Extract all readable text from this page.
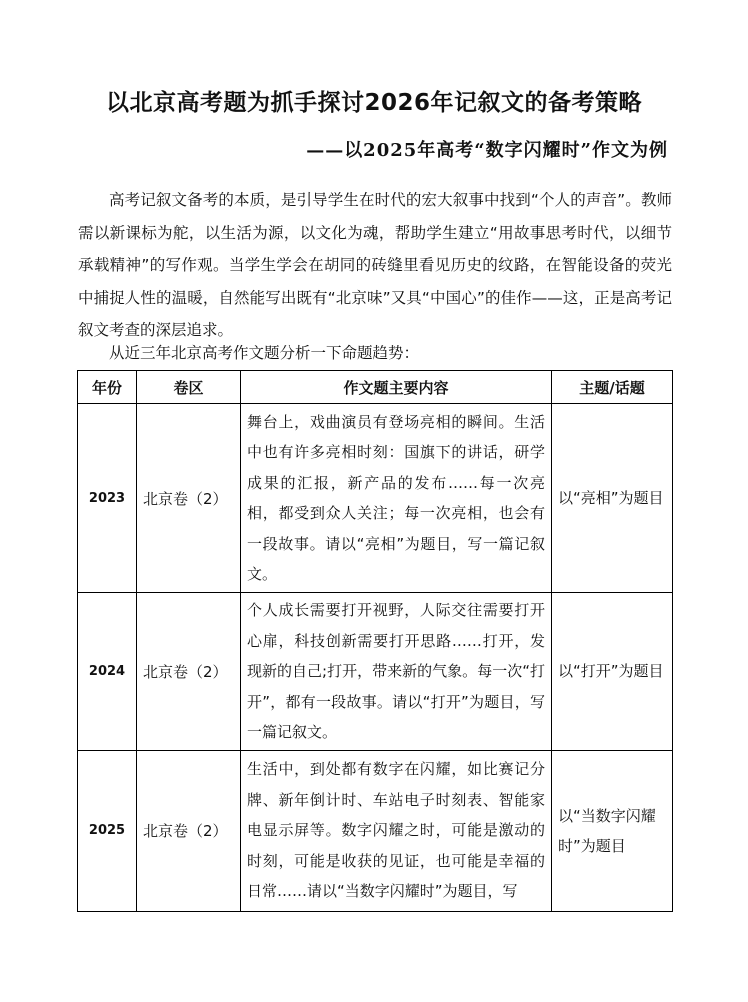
以北京高考题为抓手探讨2026年记叙文的备考策略
——以2025年高考“数字闪耀时”作文为例

高考记叙文备考的本质，是引导学生在时代的宏大叙事中找到“个人的声音”。教师需以新课标为舵，以生活为源，以文化为魂，帮助学生建立“用故事思考时代，以细节承载精神”的写作观。当学生学会在胡同的砖缝里看见历史的纹路，在智能设备的荧光中捕捉人性的温暖，自然能写出既有“北京味”又具“中国心”的佳作——这，正是高考记叙文考查的深层追求。

从近三年北京高考作文题分析一下命题趋势：

年份	卷区	作文题主要内容	主题/话题
2023	北京卷（2）	舞台上，戏曲演员有登场亮相的瞬间。生活中也有许多亮相时刻：国旗下的讲话，研学成果的汇报，新产品的发布……每一次亮相，都受到众人关注；每一次亮相，也会有一段故事。请以“亮相”为题目，写一篇记叙文。	以“亮相”为题目
2024	北京卷（2）	个人成长需要打开视野，人际交往需要打开心扉，科技创新需要打开思路……打开，发现新的自己;打开，带来新的气象。每一次“打开”，都有一段故事。请以“打开”为题目，写一篇记叙文。	以“打开”为题目
2025	北京卷（2）	生活中，到处都有数字在闪耀，如比赛记分牌、新年倒计时、车站电子时刻表、智能家电显示屏等。数字闪耀之时，可能是激动的时刻，可能是收获的见证，也可能是幸福的日常……请以“当数字闪耀时”为题目，写	以“当数字闪耀时”为题目
